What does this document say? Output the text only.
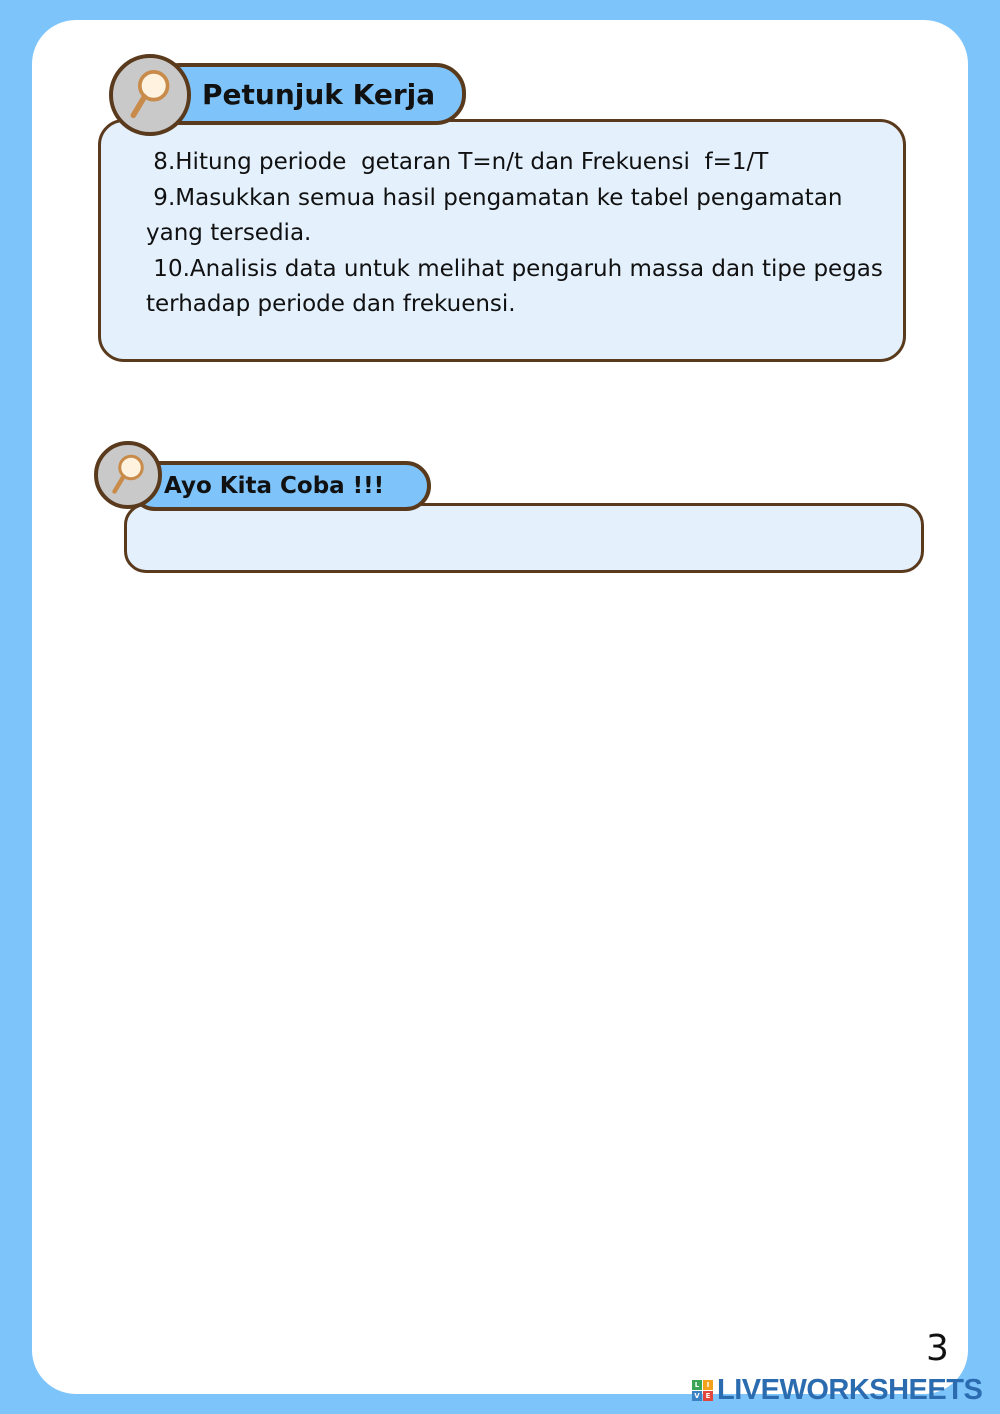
Petunjuk Kerja
8.Hitung periode  getaran T=n/t dan Frekuensi  f=1/T
9.Masukkan semua hasil pengamatan ke tabel pengamatan
yang tersedia.
10.Analisis data untuk melihat pengaruh massa dan tipe pegas
terhadap periode dan frekuensi.
Ayo Kita Coba !!!
3
L	I
V E LIVEWORKSHEETS
